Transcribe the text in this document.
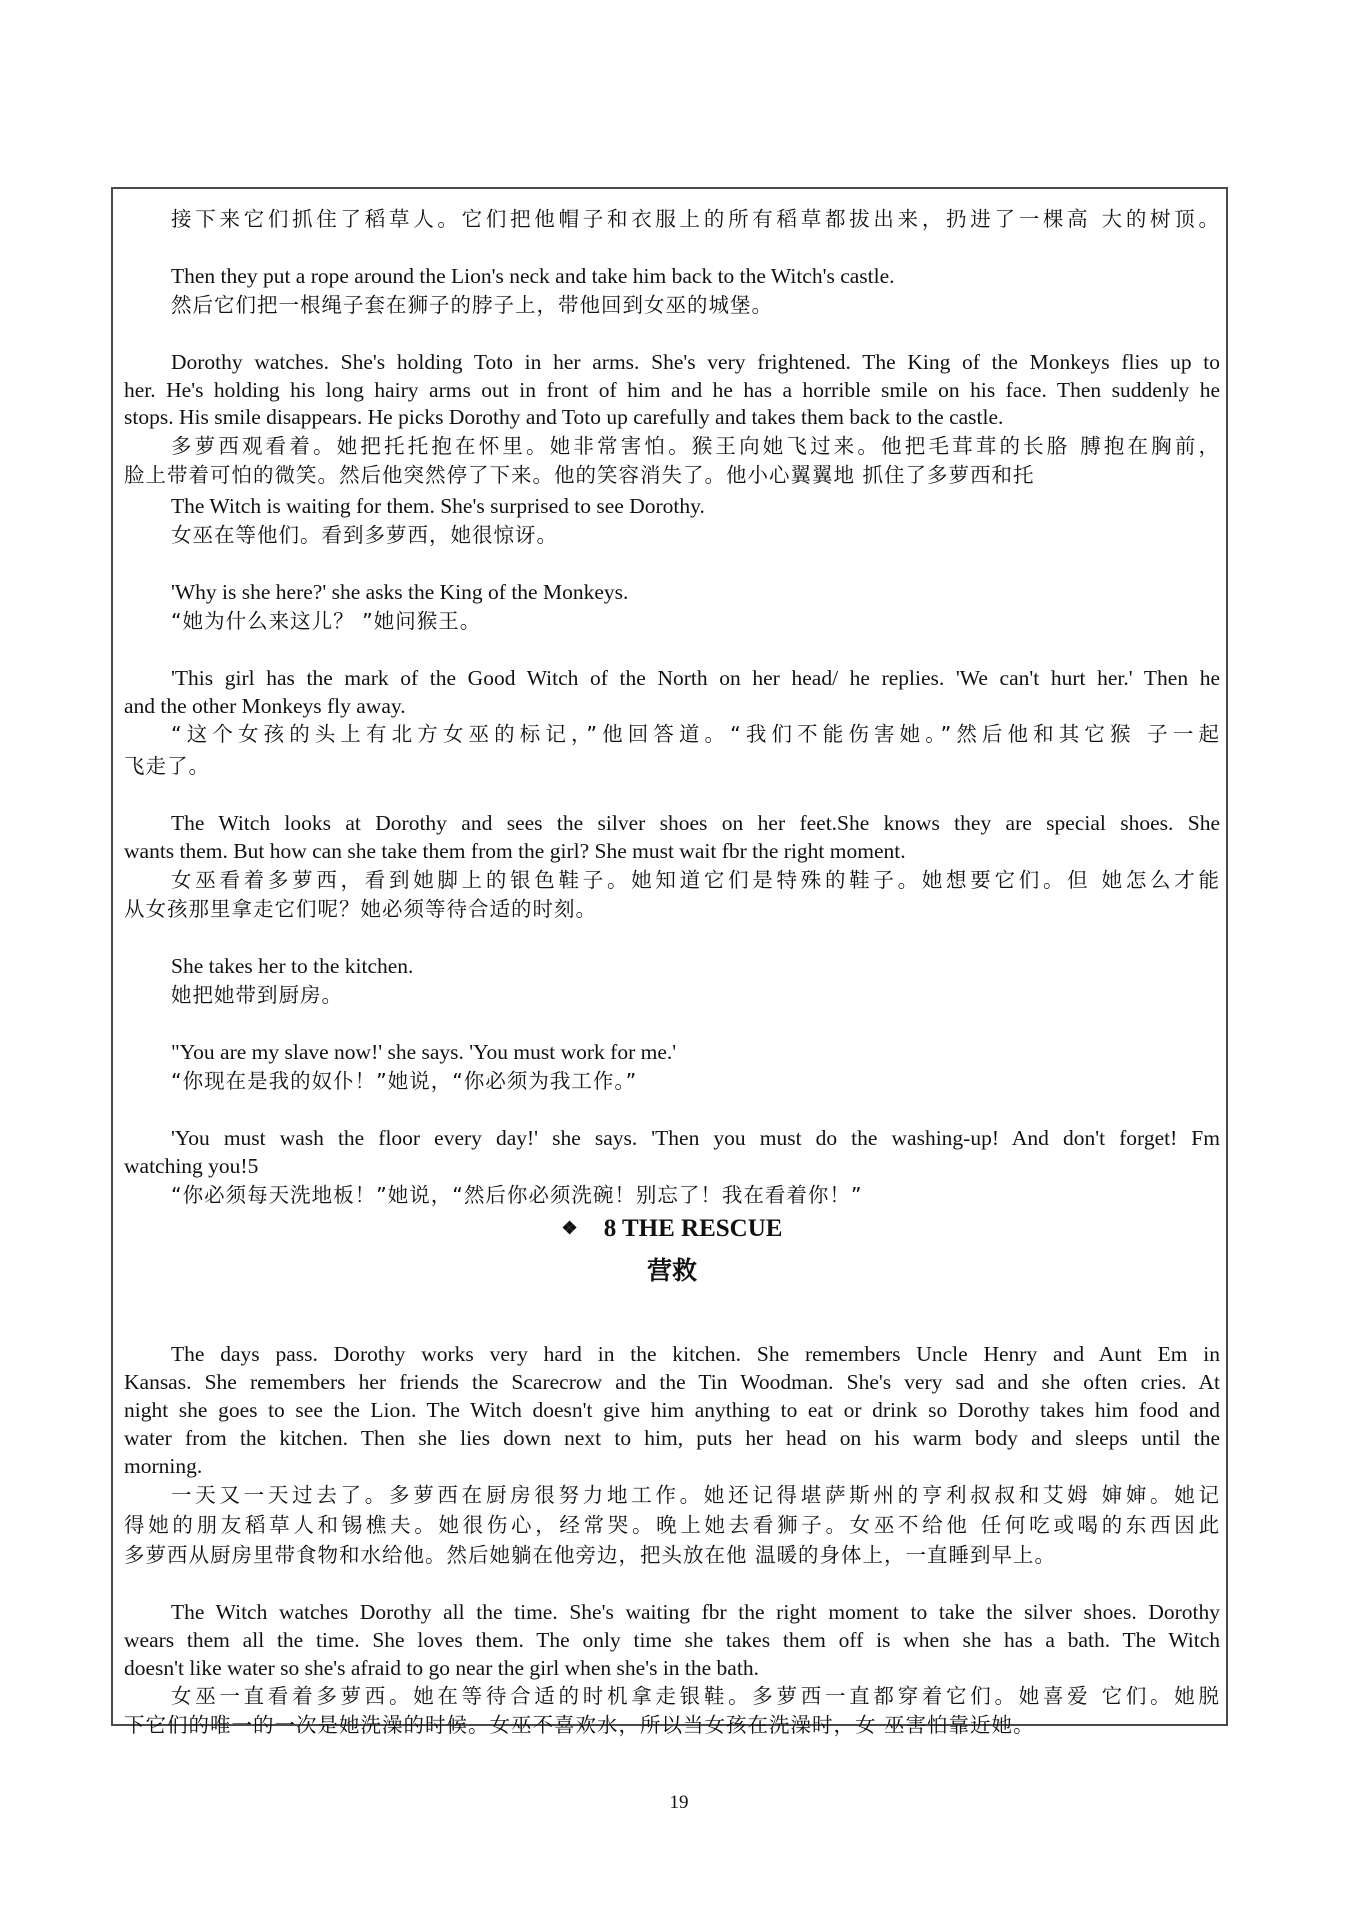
❖ 8 THE RESCUE
营救
接下来它们抓住了稻草人。它们把他帽子和衣服上的所有稻草都拔出来，扔进了一棵高 大的树顶。
Then they put a rope around the Lion's neck and take him back to the Witch's castle.
然后它们把一根绳子套在狮子的脖子上，带他回到女巫的城堡。
Dorothy watches. She's holding Toto in her arms. She's very frightened. The King of the Monkeys flies up to
her. He's holding his long hairy arms out in front of him and he has a horrible smile on his face. Then suddenly he
stops. His smile disappears. He picks Dorothy and Toto up carefully and takes them back to the castle.
多萝西观看着。她把托托抱在怀里。她非常害怕。猴王向她飞过来。他把毛茸茸的长胳 膊抱在胸前，
脸上带着可怕的微笑。然后他突然停了下来。他的笑容消失了。他小心翼翼地 抓住了多萝西和托
The Witch is waiting for them. She's surprised to see Dorothy.
女巫在等他们。看到多萝西，她很惊讶。
'Why is she here?' she asks the King of the Monkeys.
“她为什么来这儿？ ”她问猴王。
'This girl has the mark of the Good Witch of the North on her head/ he replies. 'We can't hurt her.' Then he
and the other Monkeys fly away.
“这个女孩的头上有北方女巫的标记，”他回答道。“我们不能伤害她。”然后他和其它猴 子一起
飞走了。
The Witch looks at Dorothy and sees the silver shoes on her feet.She knows they are special shoes. She
wants them. But how can she take them from the girl? She must wait fbr the right moment.
女巫看着多萝西，看到她脚上的银色鞋子。她知道它们是特殊的鞋子。她想要它们。但 她怎么才能
从女孩那里拿走它们呢？她必须等待合适的时刻。
She takes her to the kitchen.
她把她带到厨房。
"You are my slave now!' she says. 'You must work for me.'
“你现在是我的奴仆！”她说，“你必须为我工作。”
'You must wash the floor every day!' she says. 'Then you must do the washing-up! And don't forget! Fm
watching you!5
“你必须每天洗地板！”她说，“然后你必须洗碗！别忘了！我在看着你！”
The days pass. Dorothy works very hard in the kitchen. She remembers Uncle Henry and Aunt Em in
Kansas. She remembers her friends the Scarecrow and the Tin Woodman. She's very sad and she often cries. At
night she goes to see the Lion. The Witch doesn't give him anything to eat or drink so Dorothy takes him food and
water from the kitchen. Then she lies down next to him, puts her head on his warm body and sleeps until the
morning.
一天又一天过去了。多萝西在厨房很努力地工作。她还记得堪萨斯州的亨利叔叔和艾姆 婶婶。她记
得她的朋友稻草人和锡樵夫。她很伤心，经常哭。晚上她去看狮子。女巫不给他 任何吃或喝的东西因此
多萝西从厨房里带食物和水给他。然后她躺在他旁边，把头放在他 温暖的身体上，一直睡到早上。
The Witch watches Dorothy all the time. She's waiting fbr the right moment to take the silver shoes. Dorothy
wears them all the time. She loves them. The only time she takes them off is when she has a bath. The Witch
doesn't like water so she's afraid to go near the girl when she's in the bath.
女巫一直看着多萝西。她在等待合适的时机拿走银鞋。多萝西一直都穿着它们。她喜爱 它们。她脱
下它们的唯一的一次是她洗澡的时候。女巫不喜欢水，所以当女孩在洗澡时，女 巫害怕靠近她。
19
